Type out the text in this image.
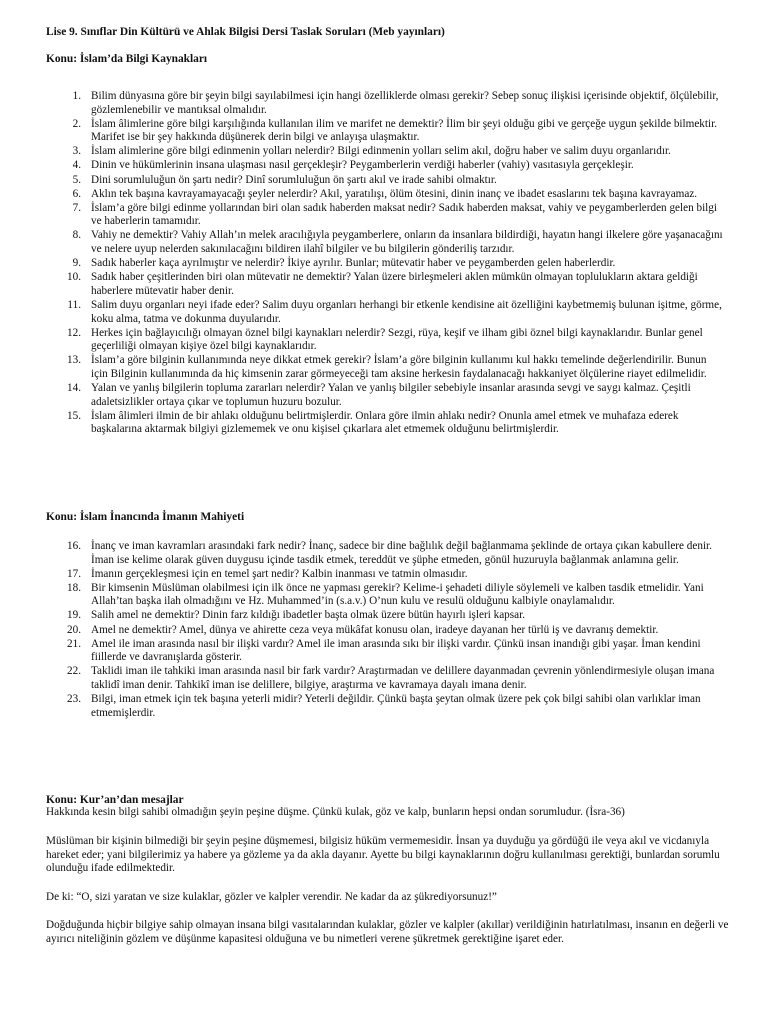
Lise 9. Sınıflar Din Kültürü ve Ahlak Bilgisi Dersi Taslak Soruları (Meb yayınları)
Konu: İslam’da Bilgi Kaynakları
1. Bilim dünyasına göre bir şeyin bilgi sayılabilmesi için hangi özelliklerde olması gerekir? Sebep sonuç ilişkisi içerisinde objektif, ölçülebilir, gözlemlenebilir ve mantıksal olmalıdır.
2. İslam âlimlerine göre bilgi karşılığında kullanılan ilim ve marifet ne demektir? İlim bir şeyi olduğu gibi ve gerçeğe uygun şekilde bilmektir. Marifet ise bir şey hakkında düşünerek derin bilgi ve anlayışa ulaşmaktır.
3. İslam alimlerine göre bilgi edinmenin yolları nelerdir? Bilgi edinmenin yolları selim akıl, doğru haber ve salim duyu organlarıdır.
4. Dinin ve hükümlerinin insana ulaşması nasıl gerçekleşir? Peygamberlerin verdiği haberler (vahiy) vasıtasıyla gerçekleşir.
5. Dini sorumluluğun ön şartı nedir? Dinî sorumluluğun ön şartı akıl ve irade sahibi olmaktır.
6. Aklın tek başına kavrayamayacağı şeyler nelerdir? Akıl, yaratılışı, ölüm ötesini, dinin inanç ve ibadet esaslarını tek başına kavrayamaz.
7. İslam’a göre bilgi edinme yollarından biri olan sadık haberden maksat nedir? Sadık haberden maksat, vahiy ve peygamberlerden gelen bilgi ve haberlerin tamamıdır.
8. Vahiy ne demektir? Vahiy Allah’ın melek aracılığıyla peygamberlere, onların da insanlara bildirdiği, hayatın hangi ilkelere göre yaşanacağını ve nelere uyup nelerden sakınılacağını bildiren ilahî bilgiler ve bu bilgilerin gönderiliş tarzıdır.
9. Sadık haberler kaça ayrılmıştır ve nelerdir? İkiye ayrılır. Bunlar; mütevatir haber ve peygamberden gelen haberlerdir.
10. Sadık haber çeşitlerinden biri olan mütevatir ne demektir? Yalan üzere birleşmeleri aklen mümkün olmayan toplulukların aktara geldiği haberlere mütevatir haber denir.
11. Salim duyu organları neyi ifade eder? Salim duyu organları herhangi bir etkenle kendisine ait özelliğini kaybetmemiş bulunan işitme, görme, koku alma, tatma ve dokunma duyularıdır.
12. Herkes için bağlayıcılığı olmayan öznel bilgi kaynakları nelerdir? Sezgi, rüya, keşif ve ilham gibi öznel bilgi kaynaklarıdır. Bunlar genel geçerliliği olmayan kişiye özel bilgi kaynaklarıdır.
13. İslam’a göre bilginin kullanımında neye dikkat etmek gerekir? İslam’a göre bilginin kullanımı kul hakkı temelinde değerlendirilir. Bunun için Bilginin kullanımında da hiç kimsenin zarar görmeyeceği tam aksine herkesin faydalanacağı hakkaniyet ölçülerine riayet edilmelidir.
14. Yalan ve yanlış bilgilerin topluma zararları nelerdir? Yalan ve yanlış bilgiler sebebiyle insanlar arasında sevgi ve saygı kalmaz. Çeşitli adaletsizlikler ortaya çıkar ve toplumun huzuru bozulur.
15. İslam âlimleri ilmin de bir ahlakı olduğunu belirtmişlerdir. Onlara göre ilmin ahlakı nedir? Onunla amel etmek ve muhafaza ederek başkalarına aktarmak bilgiyi gizlememek ve onu kişisel çıkarlara alet etmemek olduğunu belirtmişlerdir.
Konu: İslam İnancında İmanın Mahiyeti
16. İnanç ve iman kavramları arasındaki fark nedir? İnanç, sadece bir dine bağlılık değil bağlanmama şeklinde de ortaya çıkan kabullere denir. İman ise kelime olarak güven duygusu içinde tasdik etmek, tereddüt ve şüphe etmeden, gönül huzuruyla bağlanmak anlamına gelir.
17. İmanın gerçekleşmesi için en temel şart nedir? Kalbin inanması ve tatmin olmasıdır.
18. Bir kimsenin Müslüman olabilmesi için ilk önce ne yapması gerekir? Kelime-i şehadeti diliyle söylemeli ve kalben tasdik etmelidir. Yani Allah’tan başka ilah olmadığını ve Hz. Muhammed’in (s.a.v.) O’nun kulu ve resulü olduğunu kalbiyle onaylamalıdır.
19. Salih amel ne demektir? Dinin farz kıldığı ibadetler başta olmak üzere bütün hayırlı işleri kapsar.
20. Amel ne demektir? Amel, dünya ve ahirette ceza veya mükâfat konusu olan, iradeye dayanan her türlü iş ve davranış demektir.
21. Amel ile iman arasında nasıl bir ilişki vardır? Amel ile iman arasında sıkı bir ilişki vardır. Çünkü insan inandığı gibi yaşar. İman kendini fiillerde ve davranışlarda gösterir.
22. Taklidi iman ile tahkiki iman arasında nasıl bir fark vardır? Araştırmadan ve delillere dayanmadan çevrenin yönlendirmesiyle oluşan imana taklidî iman denir. Tahkikî iman ise delillere, bilgiye, araştırma ve kavramaya dayalı imana denir.
23. Bilgi, iman etmek için tek başına yeterli midir? Yeterli değildir. Çünkü başta şeytan olmak üzere pek çok bilgi sahibi olan varlıklar iman etmemişlerdir.
Konu: Kur’an’dan mesajlar

Hakkında kesin bilgi sahibi olmadığın şeyin peşine düşme. Çünkü kulak, göz ve kalp, bunların hepsi ondan sorumludur. (İsra-36)

Müslüman bir kişinin bilmediği bir şeyin peşine düşmemesi, bilgisiz hüküm vermemesidir. İnsan ya duyduğu ya gördüğü ile veya akıl ve vicdanıyla hareket eder; yani bilgilerimiz ya habere ya gözleme ya da akla dayanır. Ayette bu bilgi kaynaklarının doğru kullanılması gerektiği, bunlardan sorumlu olunduğu ifade edilmektedir.

De ki: “O, sizi yaratan ve size kulaklar, gözler ve kalpler verendir. Ne kadar da az şükrediyorsunuz!”

Doğduğunda hiçbir bilgiye sahip olmayan insana bilgi vasıtalarından kulaklar, gözler ve kalpler (akıllar) verildiğinin hatırlatılması, insanın en değerli ve ayırıcı niteliğinin gözlem ve düşünme kapasitesi olduğuna ve bu nimetleri verene şükretmek gerektiğine işaret eder.
